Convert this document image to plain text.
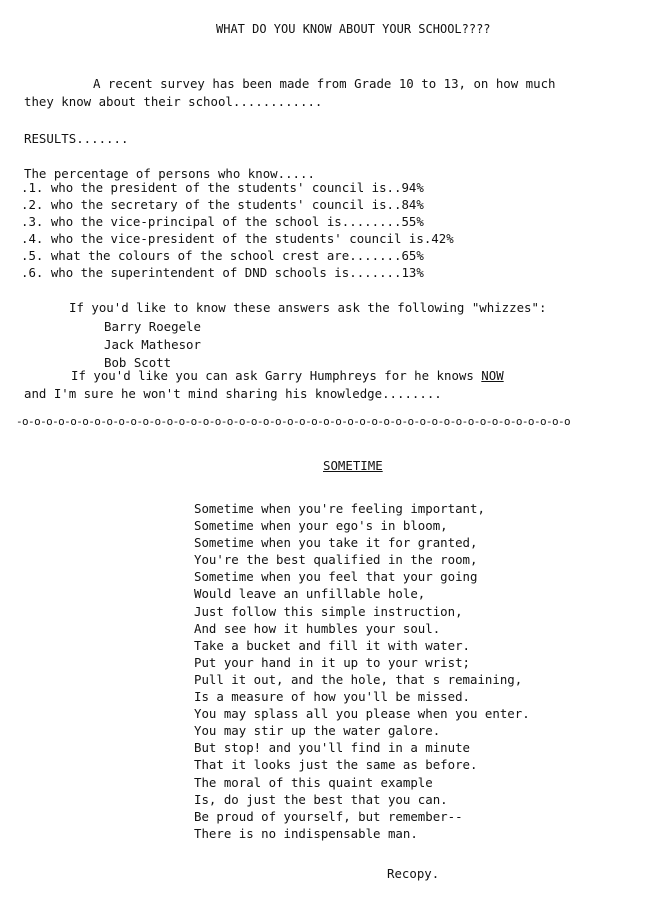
WHAT DO YOU KNOW ABOUT YOUR SCHOOL????
A recent survey has been made from Grade 10 to 13, on how much
they know about their school............
RESULTS.......
The percentage of persons who know.....
.1. who the president of the students' council is..94%
.2. who the secretary of the students' council is..84%
.3. who the vice-principal of the school is........55%
.4. who the vice-president of the students' council is.42%
.5. what the colours of the school crest are.......65%
.6. who the superintendent of DND schools is.......13%
If you'd like to know these answers ask the following "whizzes":
Barry Roegele
Jack Mathesor
Bob Scott
If you'd like you can ask Garry Humphreys for he knows NOW
and I'm sure he won't mind sharing his knowledge........
-o-o-o-o-o-o-o-o-o-o-o-o-o-o-o-o-o-o-o-o-o-o-o-o-o-o-o-o-o-o-o-o-o-o-o-o-o-o-o-o-o-o-o-o-o-o
SOMETIME
Sometime when you're feeling important,
Sometime when your ego's in bloom,
Sometime when you take it for granted,
You're the best qualified in the room,
Sometime when you feel that your going
Would leave an unfillable hole,
Just follow this simple instruction,
And see how it humbles your soul.
Take a bucket and fill it with water.
Put your hand in it up to your wrist;
Pull it out, and the hole, that s remaining,
Is a measure of how you'll be missed.
You may splass all you please when you enter.
You may stir up the water galore.
But stop! and you'll find in a minute
That it looks just the same as before.
The moral of this quaint example
Is, do just the best that you can.
Be proud of yourself, but remember--
There is no indispensable man.
Recopy.
